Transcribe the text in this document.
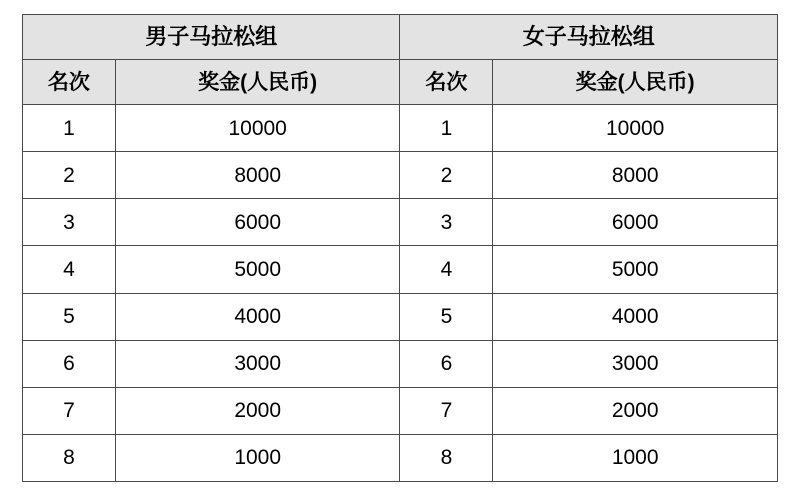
男子马拉松组		女子马拉松组	
名次	奖金(人民币)	名次	奖金(人民币)
1	10000	1	10000
2	8000	2	8000
3	6000	3	6000
4	5000	4	5000
5	4000	5	4000
6	3000	6	3000
7	2000	7	2000
8	1000	8	1000
